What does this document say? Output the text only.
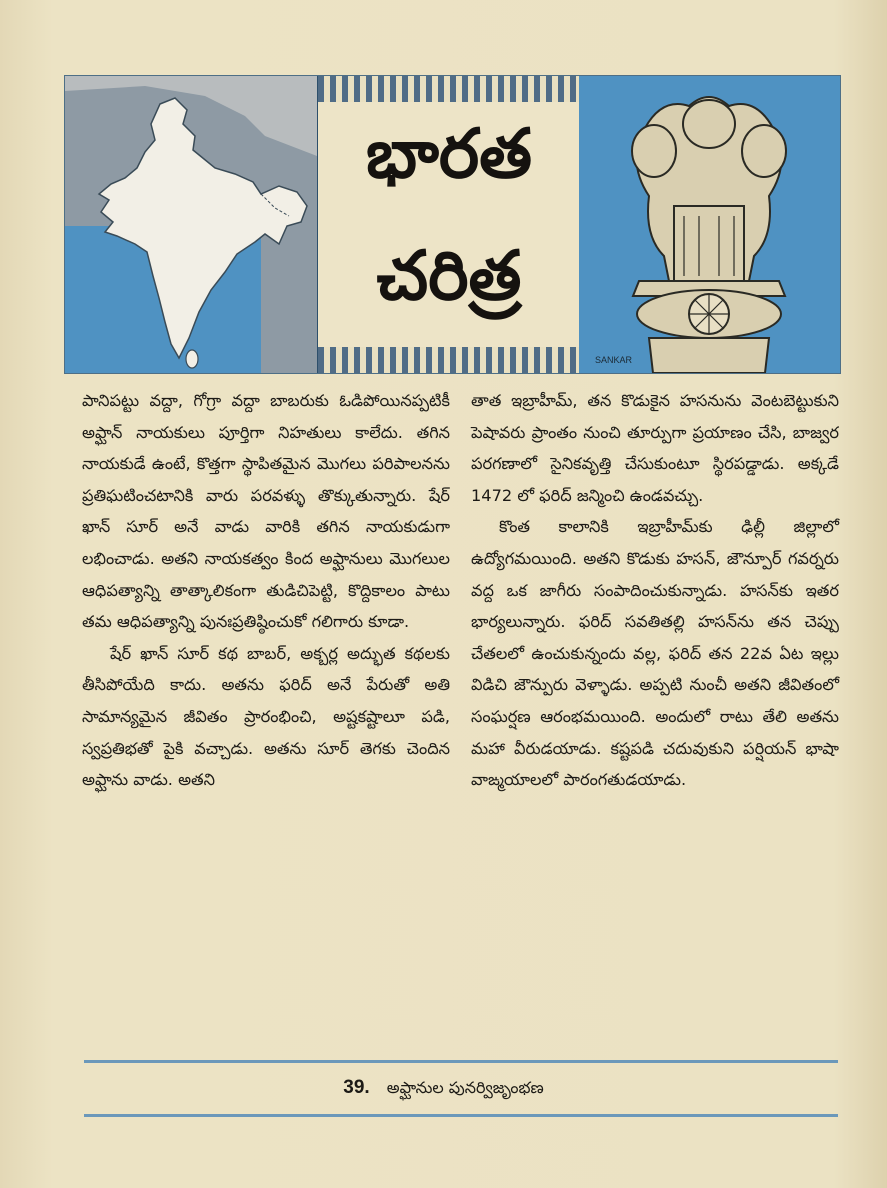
భారత
చరిత్ర
SANKAR

పానిపట్టు వద్దా, గోగ్రా వద్దా బాబరుకు ఓడిపోయినప్పటికీ అఫ్ఘాన్ నాయకులు పూర్తిగా నిహతులు కాలేదు. తగిన నాయకుడే ఉంటే, కొత్తగా స్థాపితమైన మొగలు పరిపాలనను ప్రతిఘటించటానికి వారు పరవళ్ళు తొక్కుతున్నారు. షేర్ ఖాన్ సూర్ అనే వాడు వారికి తగిన నాయకుడుగా లభించాడు. అతని నాయకత్వం కింద అఫ్ఘానులు మొగలుల ఆధిపత్యాన్ని తాత్కాలికంగా తుడిచిపెట్టి, కొద్దికాలం పాటు తమ ఆధిపత్యాన్ని పునఃప్రతిష్ఠించుకో గలిగారు కూడా.

షేర్ ఖాన్ సూర్ కథ బాబర్, అక్బర్ల అద్భుత కథలకు తీసిపోయేది కాదు. అతను ఫరిద్ అనే పేరుతో అతి సామాన్యమైన జీవితం ప్రారంభించి, అష్టకష్టాలూ పడి, స్వప్రతిభతో పైకి వచ్చాడు. అతను సూర్ తెగకు చెందిన అఫ్ఘాను వాడు. అతని

తాత ఇబ్రాహీమ్, తన కొడుకైన హసనును వెంటబెట్టుకుని పెషావరు ప్రాంతం నుంచి తూర్పుగా ప్రయాణం చేసి, బాజ్వర పరగణాలో సైనికవృత్తి చేసుకుంటూ స్థిరపడ్డాడు. అక్కడే 1472 లో ఫరిద్ జన్మించి ఉండవచ్చు.

కొంత కాలానికి ఇబ్రాహీమ్‌కు ఢిల్లీ జిల్లాలో ఉద్యోగమయింది. అతని కొడుకు హసన్, జౌన్పూర్ గవర్నరు వద్ద ఒక జాగీరు సంపాదించుకున్నాడు. హసన్‌కు ఇతర భార్యలున్నారు. ఫరిద్ సవతితల్లి హసన్‌ను తన చెప్పు చేతలలో ఉంచుకున్నందు వల్ల, ఫరిద్ తన 22వ ఏట ఇల్లు విడిచి జౌన్పురు వెళ్ళాడు. అప్పటి నుంచీ అతని జీవితంలో సంఘర్షణ ఆరంభమయింది. అందులో రాటు తేలి అతను మహా వీరుడయాడు. కష్టపడి చదువుకుని పర్షియన్ భాషా వాఙ్మయాలలో పారంగతుడయాడు.

39. అఫ్ఘానుల పునర్విజృంభణ
